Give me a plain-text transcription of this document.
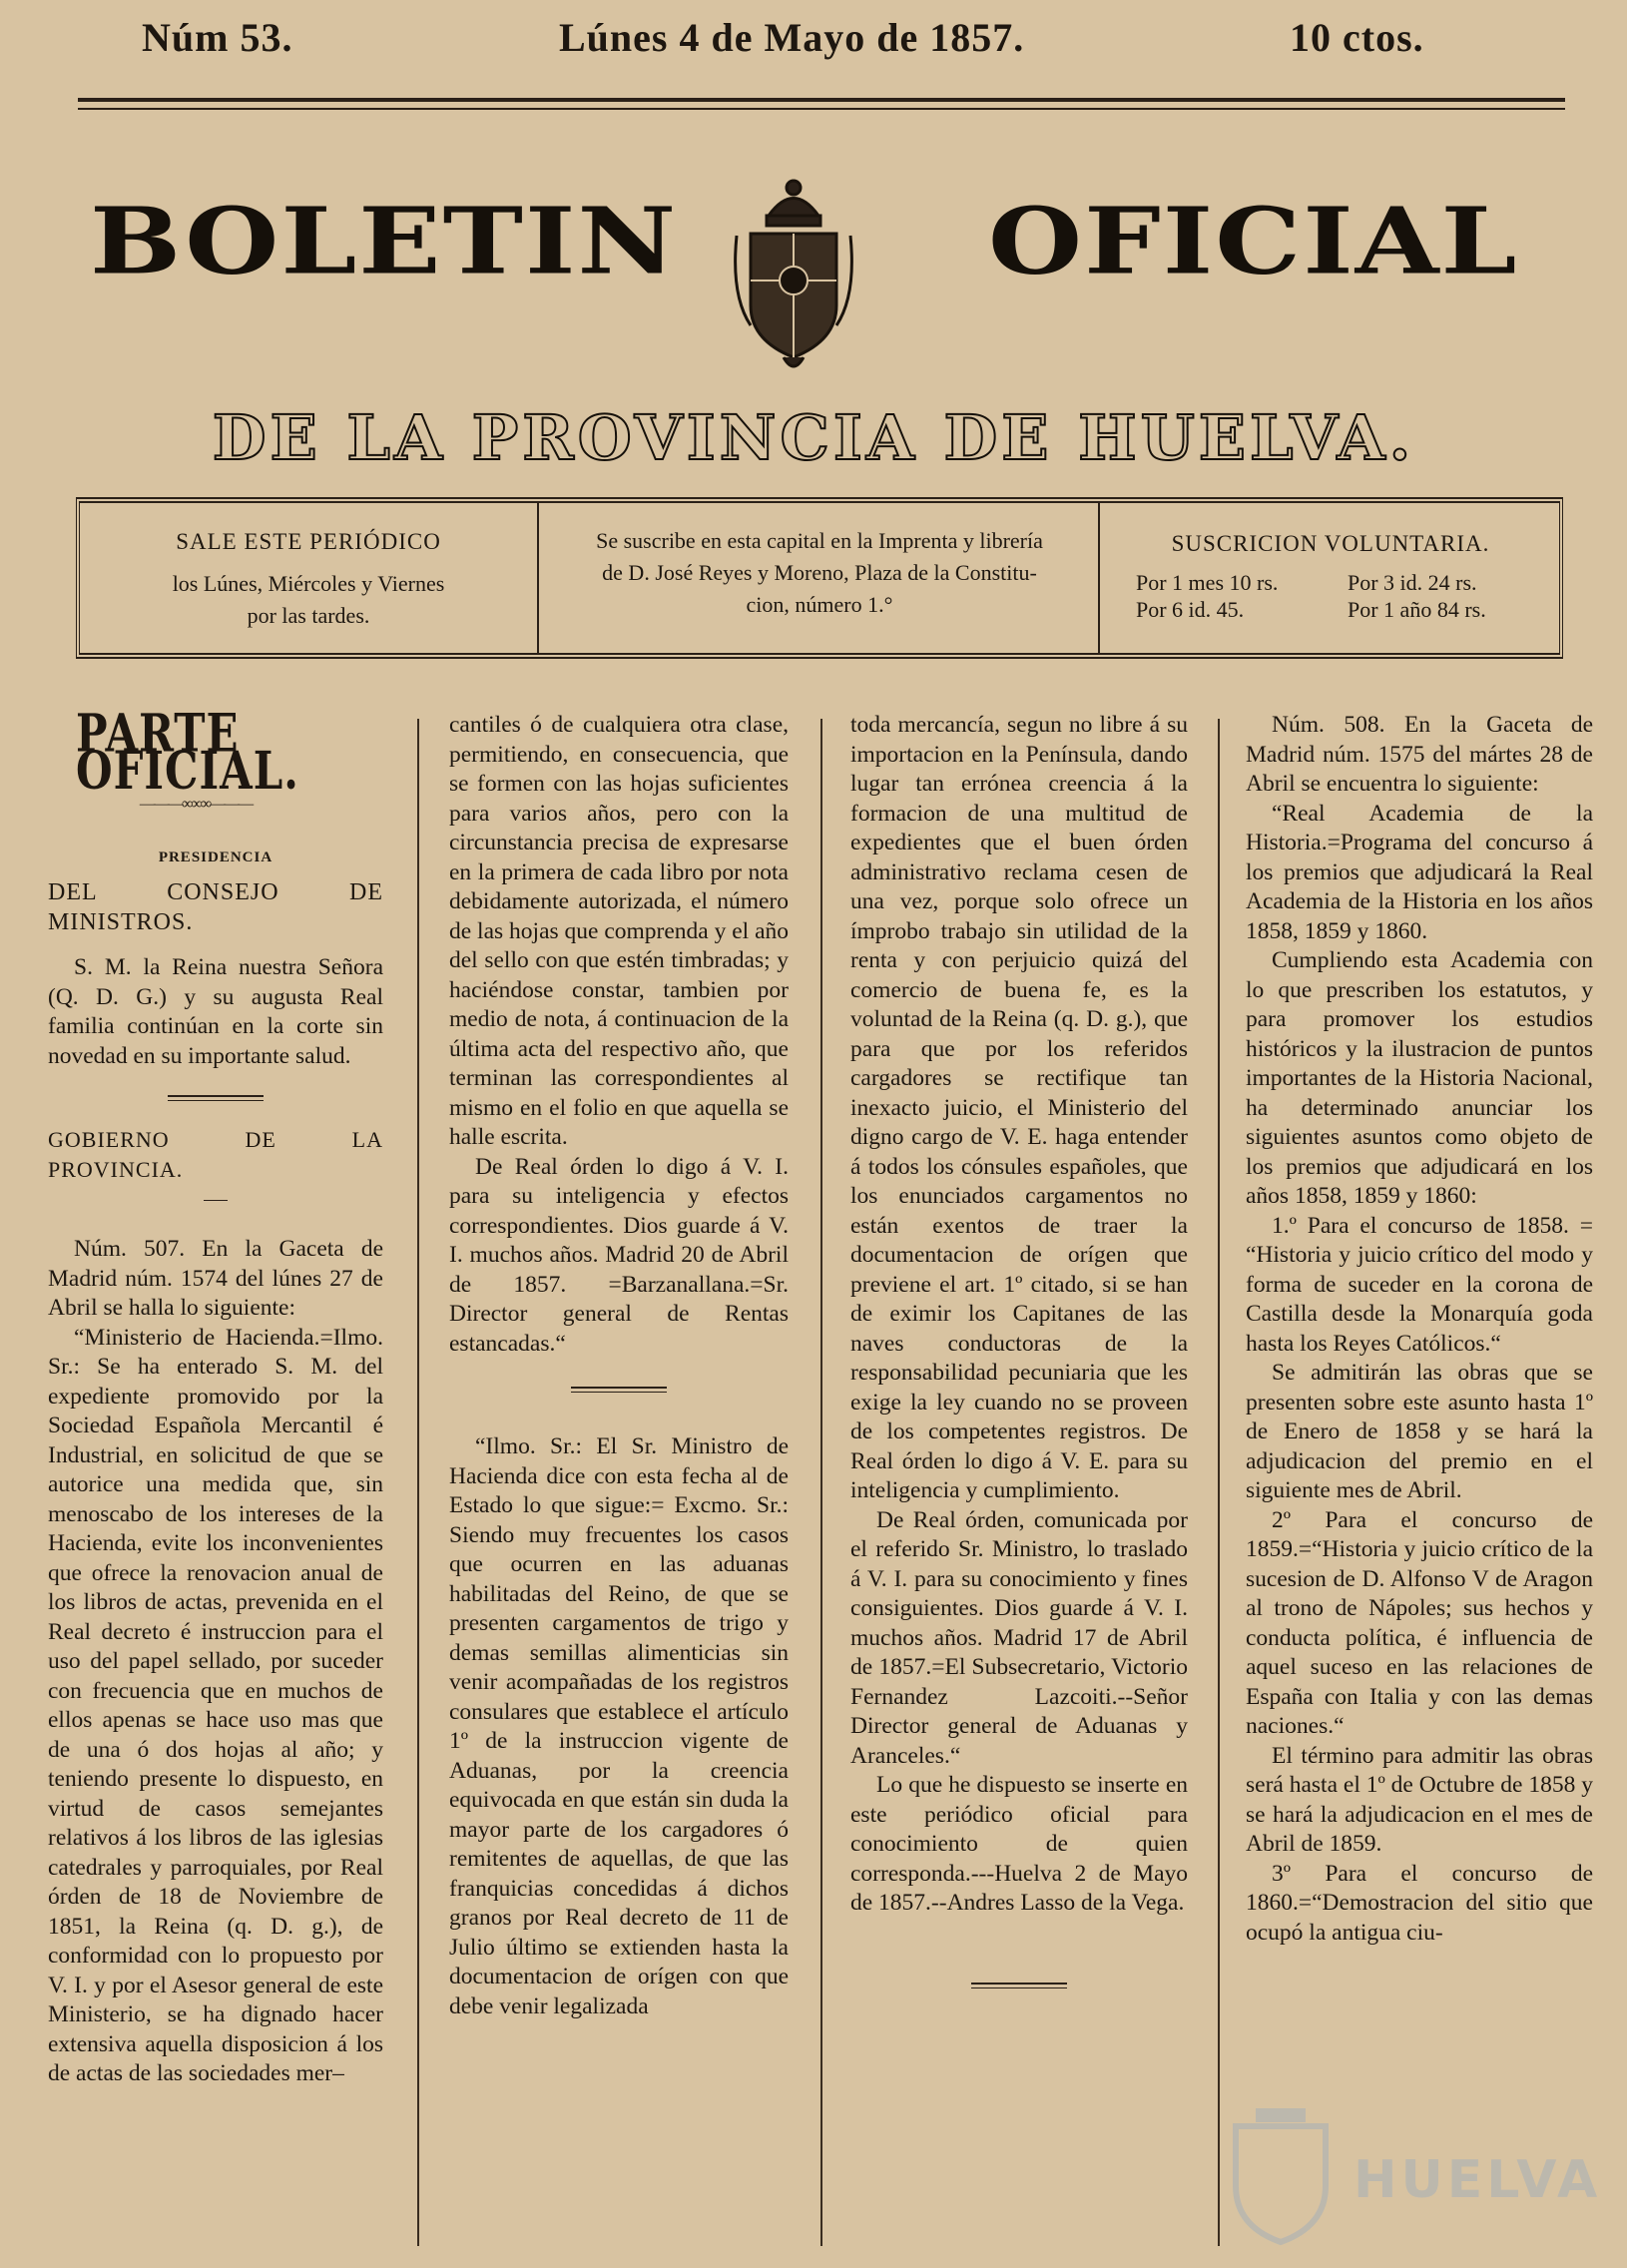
Núm 53.	Lúnes 4 de Mayo de 1857.	10 ctos.
BOLETIN	OFICIAL
DE LA PROVINCIA DE HUELVA.
SALE ESTE PERIÓDICO
los Lúnes, Miércoles y Viernes
por las tardes.
Se suscribe en esta capital en la Imprenta y librería
de D. José Reyes y Moreno, Plaza de la Constitu-
cion, número 1.°
SUSCRICION VOLUNTARIA.
Por 1 mes 10 rs.	Por 3 id. 24 rs.
Por 6 id. 45.	Por 1 año 84 rs.
PARTE OFICIAL.
———∞∞∞———
PRESIDENCIA
DEL CONSEJO DE MINISTROS.

S. M. la Reina nuestra Señora (Q. D. G.) y su augusta Real familia continúan en la corte sin novedad en su importante salud.

GOBIERNO DE LA PROVINCIA.

Núm. 507. En la Gaceta de Madrid núm. 1574 del lúnes 27 de Abril se halla lo siguiente:

“Ministerio de Hacienda.=Ilmo. Sr.: Se ha enterado S. M. del expediente promovido por la Sociedad Española Mercantil é Industrial, en solicitud de que se autorice una medida que, sin menoscabo de los intereses de la Hacienda, evite los inconvenientes que ofrece la renovacion anual de los libros de actas, prevenida en el Real decreto é instruccion para el uso del papel sellado, por suceder con frecuencia que en muchos de ellos apenas se hace uso mas que de una ó dos hojas al año; y teniendo presente lo dispuesto, en virtud de casos semejantes relativos á los libros de las iglesias catedrales y parroquiales, por Real órden de 18 de Noviembre de 1851, la Reina (q. D. g.), de conformidad con lo propuesto por V. I. y por el Asesor general de este Ministerio, se ha dignado hacer extensiva aquella disposicion á los de actas de las sociedades mer–

cantiles ó de cualquiera otra clase, permitiendo, en consecuencia, que se formen con las hojas suficientes para varios años, pero con la circunstancia precisa de expresarse en la primera de cada libro por nota debidamente autorizada, el número de las hojas que comprenda y el año del sello con que estén timbradas; y haciéndose constar, tambien por medio de nota, á continuacion de la última acta del respectivo año, que terminan las correspondientes al mismo en el folio en que aquella se halle escrita.

De Real órden lo digo á V. I. para su inteligencia y efectos correspondientes. Dios guarde á V. I. muchos años. Madrid 20 de Abril de 1857. =Barzanallana.=Sr. Director general de Rentas estancadas.“

“Ilmo. Sr.: El Sr. Ministro de Hacienda dice con esta fecha al de Estado lo que sigue:= Excmo. Sr.: Siendo muy frecuentes los casos que ocurren en las aduanas habilitadas del Reino, de que se presenten cargamentos de trigo y demas semillas alimenticias sin venir acompañadas de los registros consulares que establece el artículo 1º de la instruccion vigente de Aduanas, por la creencia equivocada en que están sin duda la mayor parte de los cargadores ó remitentes de aquellas, de que las franquicias concedidas á dichos granos por Real decreto de 11 de Julio último se extienden hasta la documentacion de orígen con que debe venir legalizada

toda mercancía, segun no libre á su importacion en la Península, dando lugar tan errónea creencia á la formacion de una multitud de expedientes que el buen órden administrativo reclama cesen de una vez, porque solo ofrece un ímprobo trabajo sin utilidad de la renta y con perjuicio quizá del comercio de buena fe, es la voluntad de la Reina (q. D. g.), que para que por los referidos cargadores se rectifique tan inexacto juicio, el Ministerio del digno cargo de V. E. haga entender á todos los cónsules españoles, que los enunciados cargamentos no están exentos de traer la documentacion de orígen que previene el art. 1º citado, si se han de eximir los Capitanes de las naves conductoras de la responsabilidad pecuniaria que les exige la ley cuando no se proveen de los competentes registros. De Real órden lo digo á V. E. para su inteligencia y cumplimiento.

De Real órden, comunicada por el referido Sr. Ministro, lo traslado á V. I. para su conocimiento y fines consiguientes. Dios guarde á V. I. muchos años. Madrid 17 de Abril de 1857.=El Subsecretario, Victorio Fernandez Lazcoiti.--Señor Director general de Aduanas y Aranceles.“

Lo que he dispuesto se inserte en este periódico oficial para conocimiento de quien corresponda.---Huelva 2 de Mayo de 1857.--Andres Lasso de la Vega.

Núm. 508. En la Gaceta de Madrid núm. 1575 del mártes 28 de Abril se encuentra lo siguiente:

“Real Academia de la Historia.=Programa del concurso á los premios que adjudicará la Real Academia de la Historia en los años 1858, 1859 y 1860.

Cumpliendo esta Academia con lo que prescriben los estatutos, y para promover los estudios históricos y la ilustracion de puntos importantes de la Historia Nacional, ha determinado anunciar los siguientes asuntos como objeto de los premios que adjudicará en los años 1858, 1859 y 1860:

1.º Para el concurso de 1858. = “Historia y juicio crítico del modo y forma de suceder en la corona de Castilla desde la Monarquía goda hasta los Reyes Católicos.“

Se admitirán las obras que se presenten sobre este asunto hasta 1º de Enero de 1858 y se hará la adjudicacion del premio en el siguiente mes de Abril.

2º Para el concurso de 1859.=“Historia y juicio crítico de la sucesion de D. Alfonso V de Aragon al trono de Nápoles; sus hechos y conducta política, é influencia de aquel suceso en las relaciones de España con Italia y con las demas naciones.“

El término para admitir las obras será hasta el 1º de Octubre de 1858 y se hará la adjudicacion en el mes de Abril de 1859.

3º Para el concurso de 1860.=“Demostracion del sitio que ocupó la antigua ciu-

HUELVA
